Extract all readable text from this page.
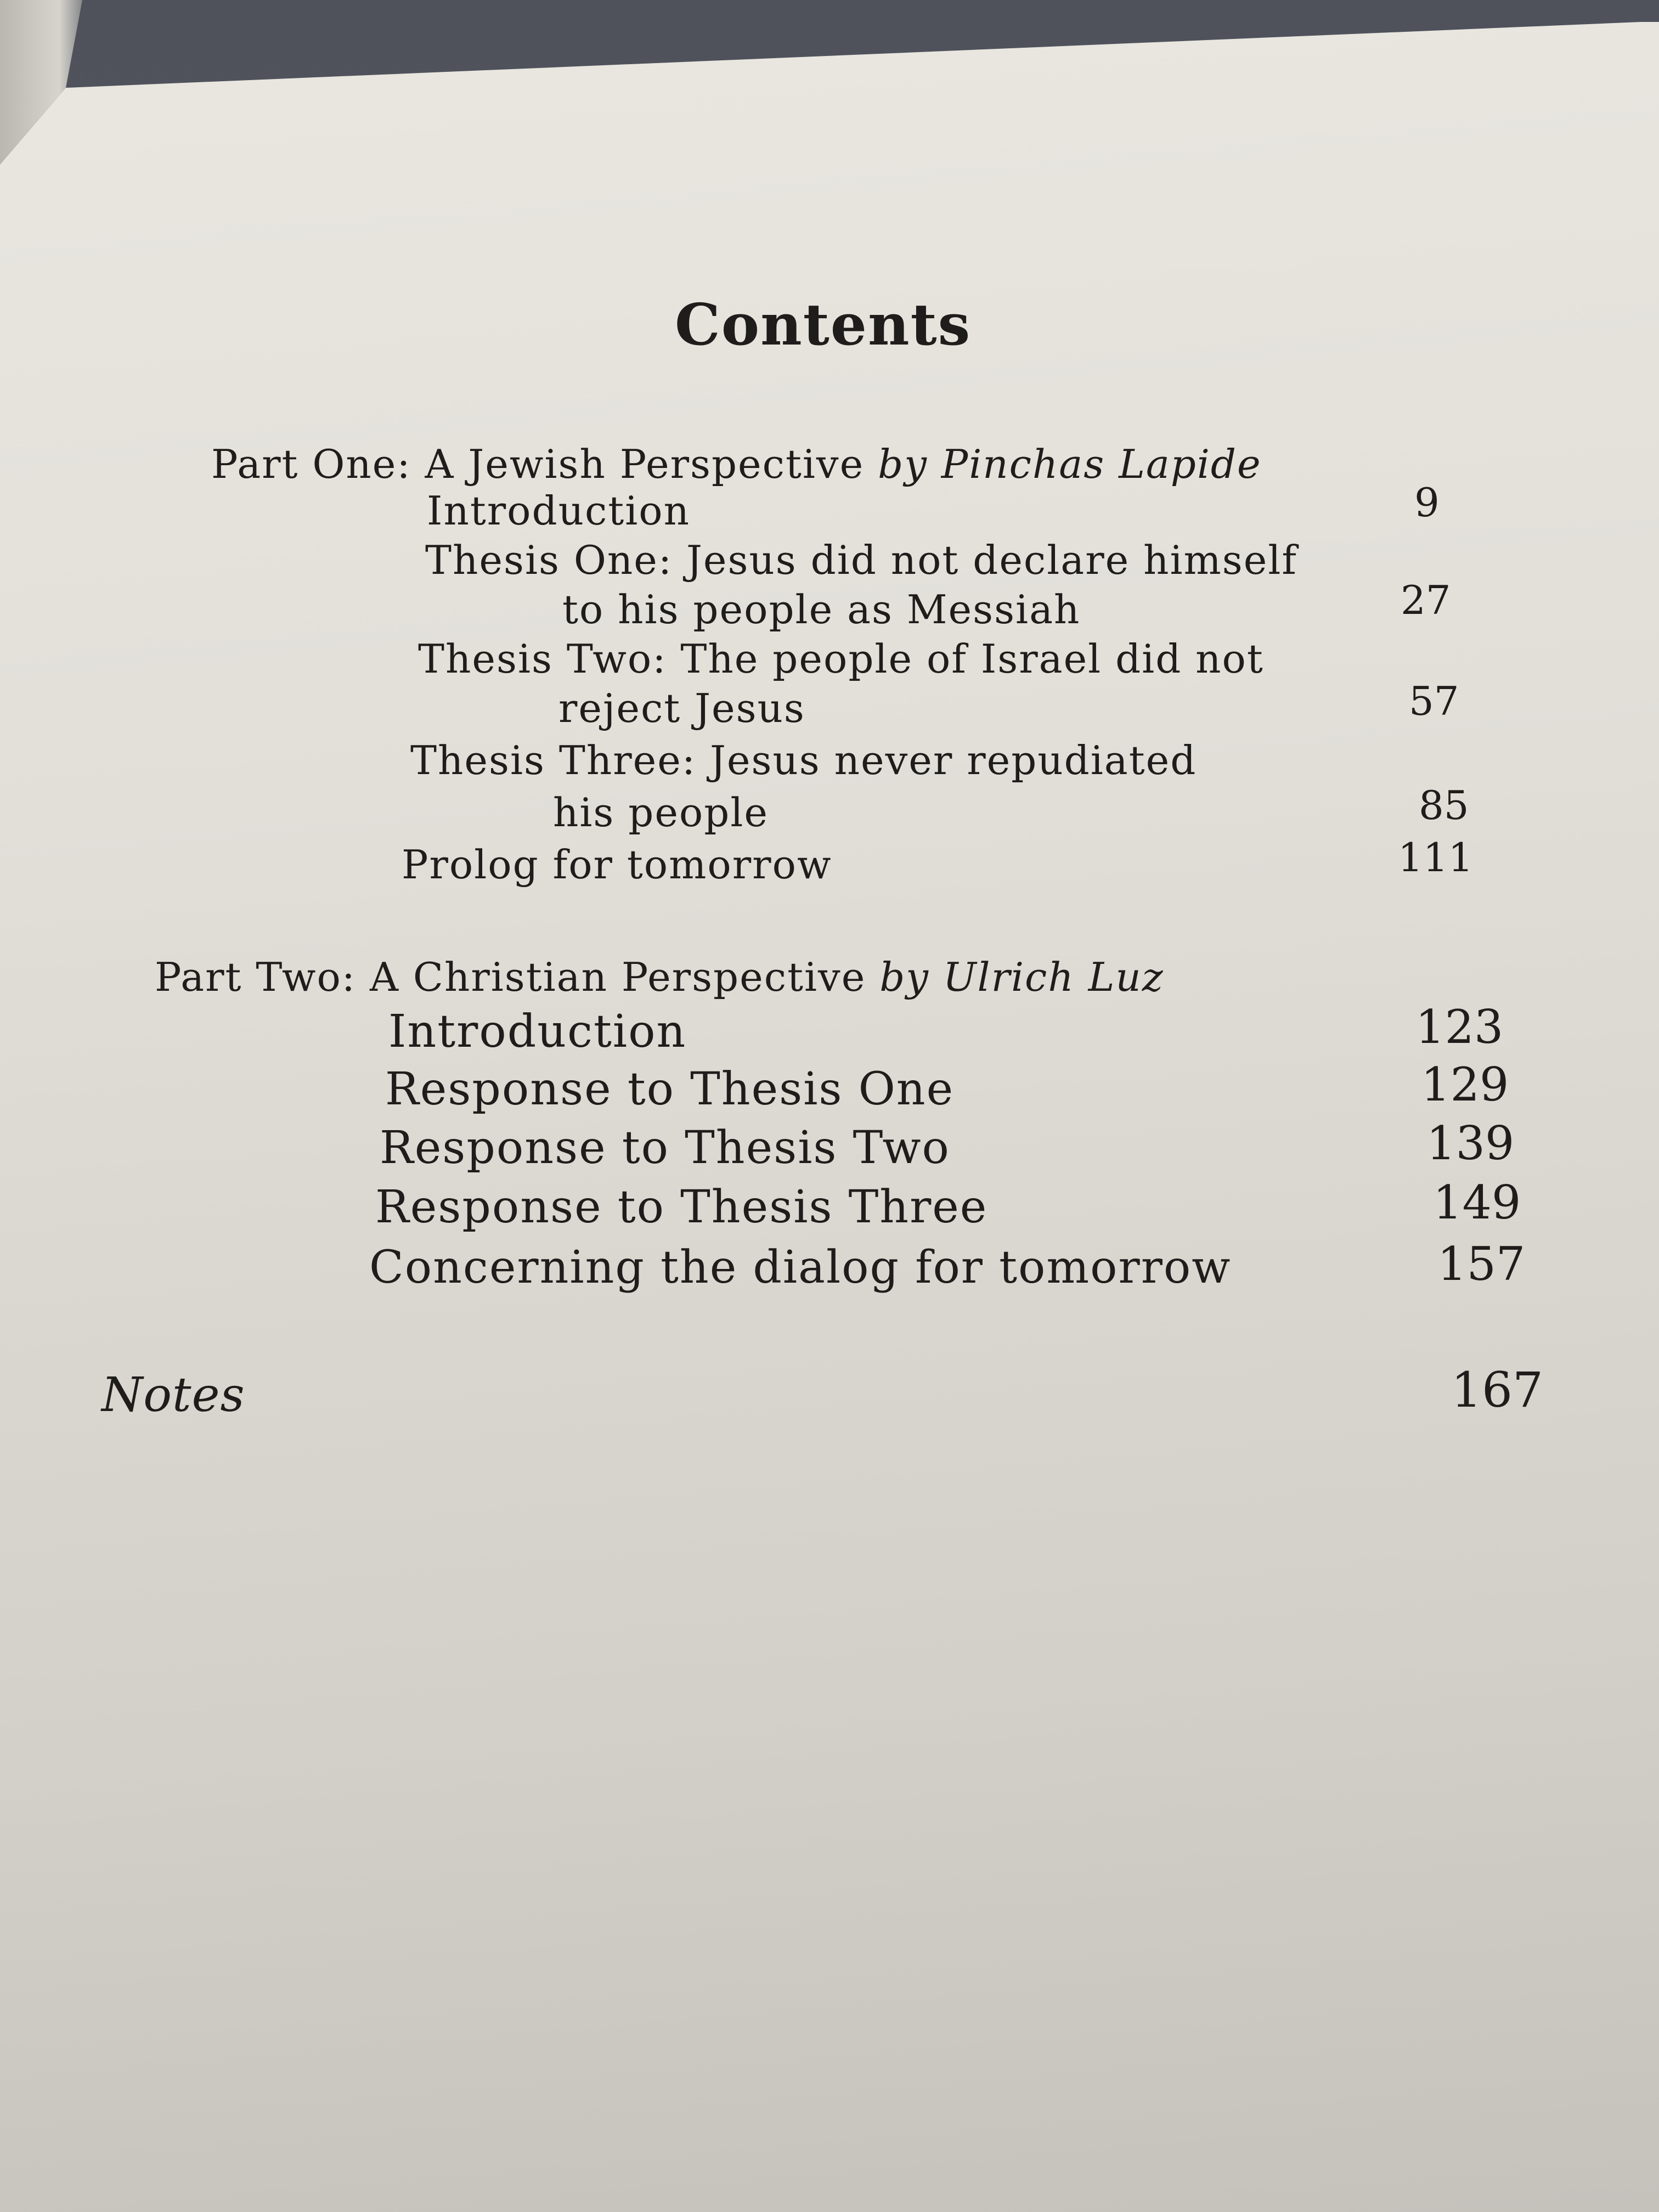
Contents
Part One: A Jewish Perspective by Pinchas Lapide
Introduction	9
Thesis One: Jesus did not declare himself
to his people as Messiah	27
Thesis Two: The people of Israel did not
reject Jesus	57
Thesis Three: Jesus never repudiated
his people	85
Prolog for tomorrow	111
Part Two: A Christian Perspective by Ulrich Luz
Introduction	123
Response to Thesis One	129
Response to Thesis Two	139
Response to Thesis Three	149
Concerning the dialog for tomorrow	157
Notes	167
